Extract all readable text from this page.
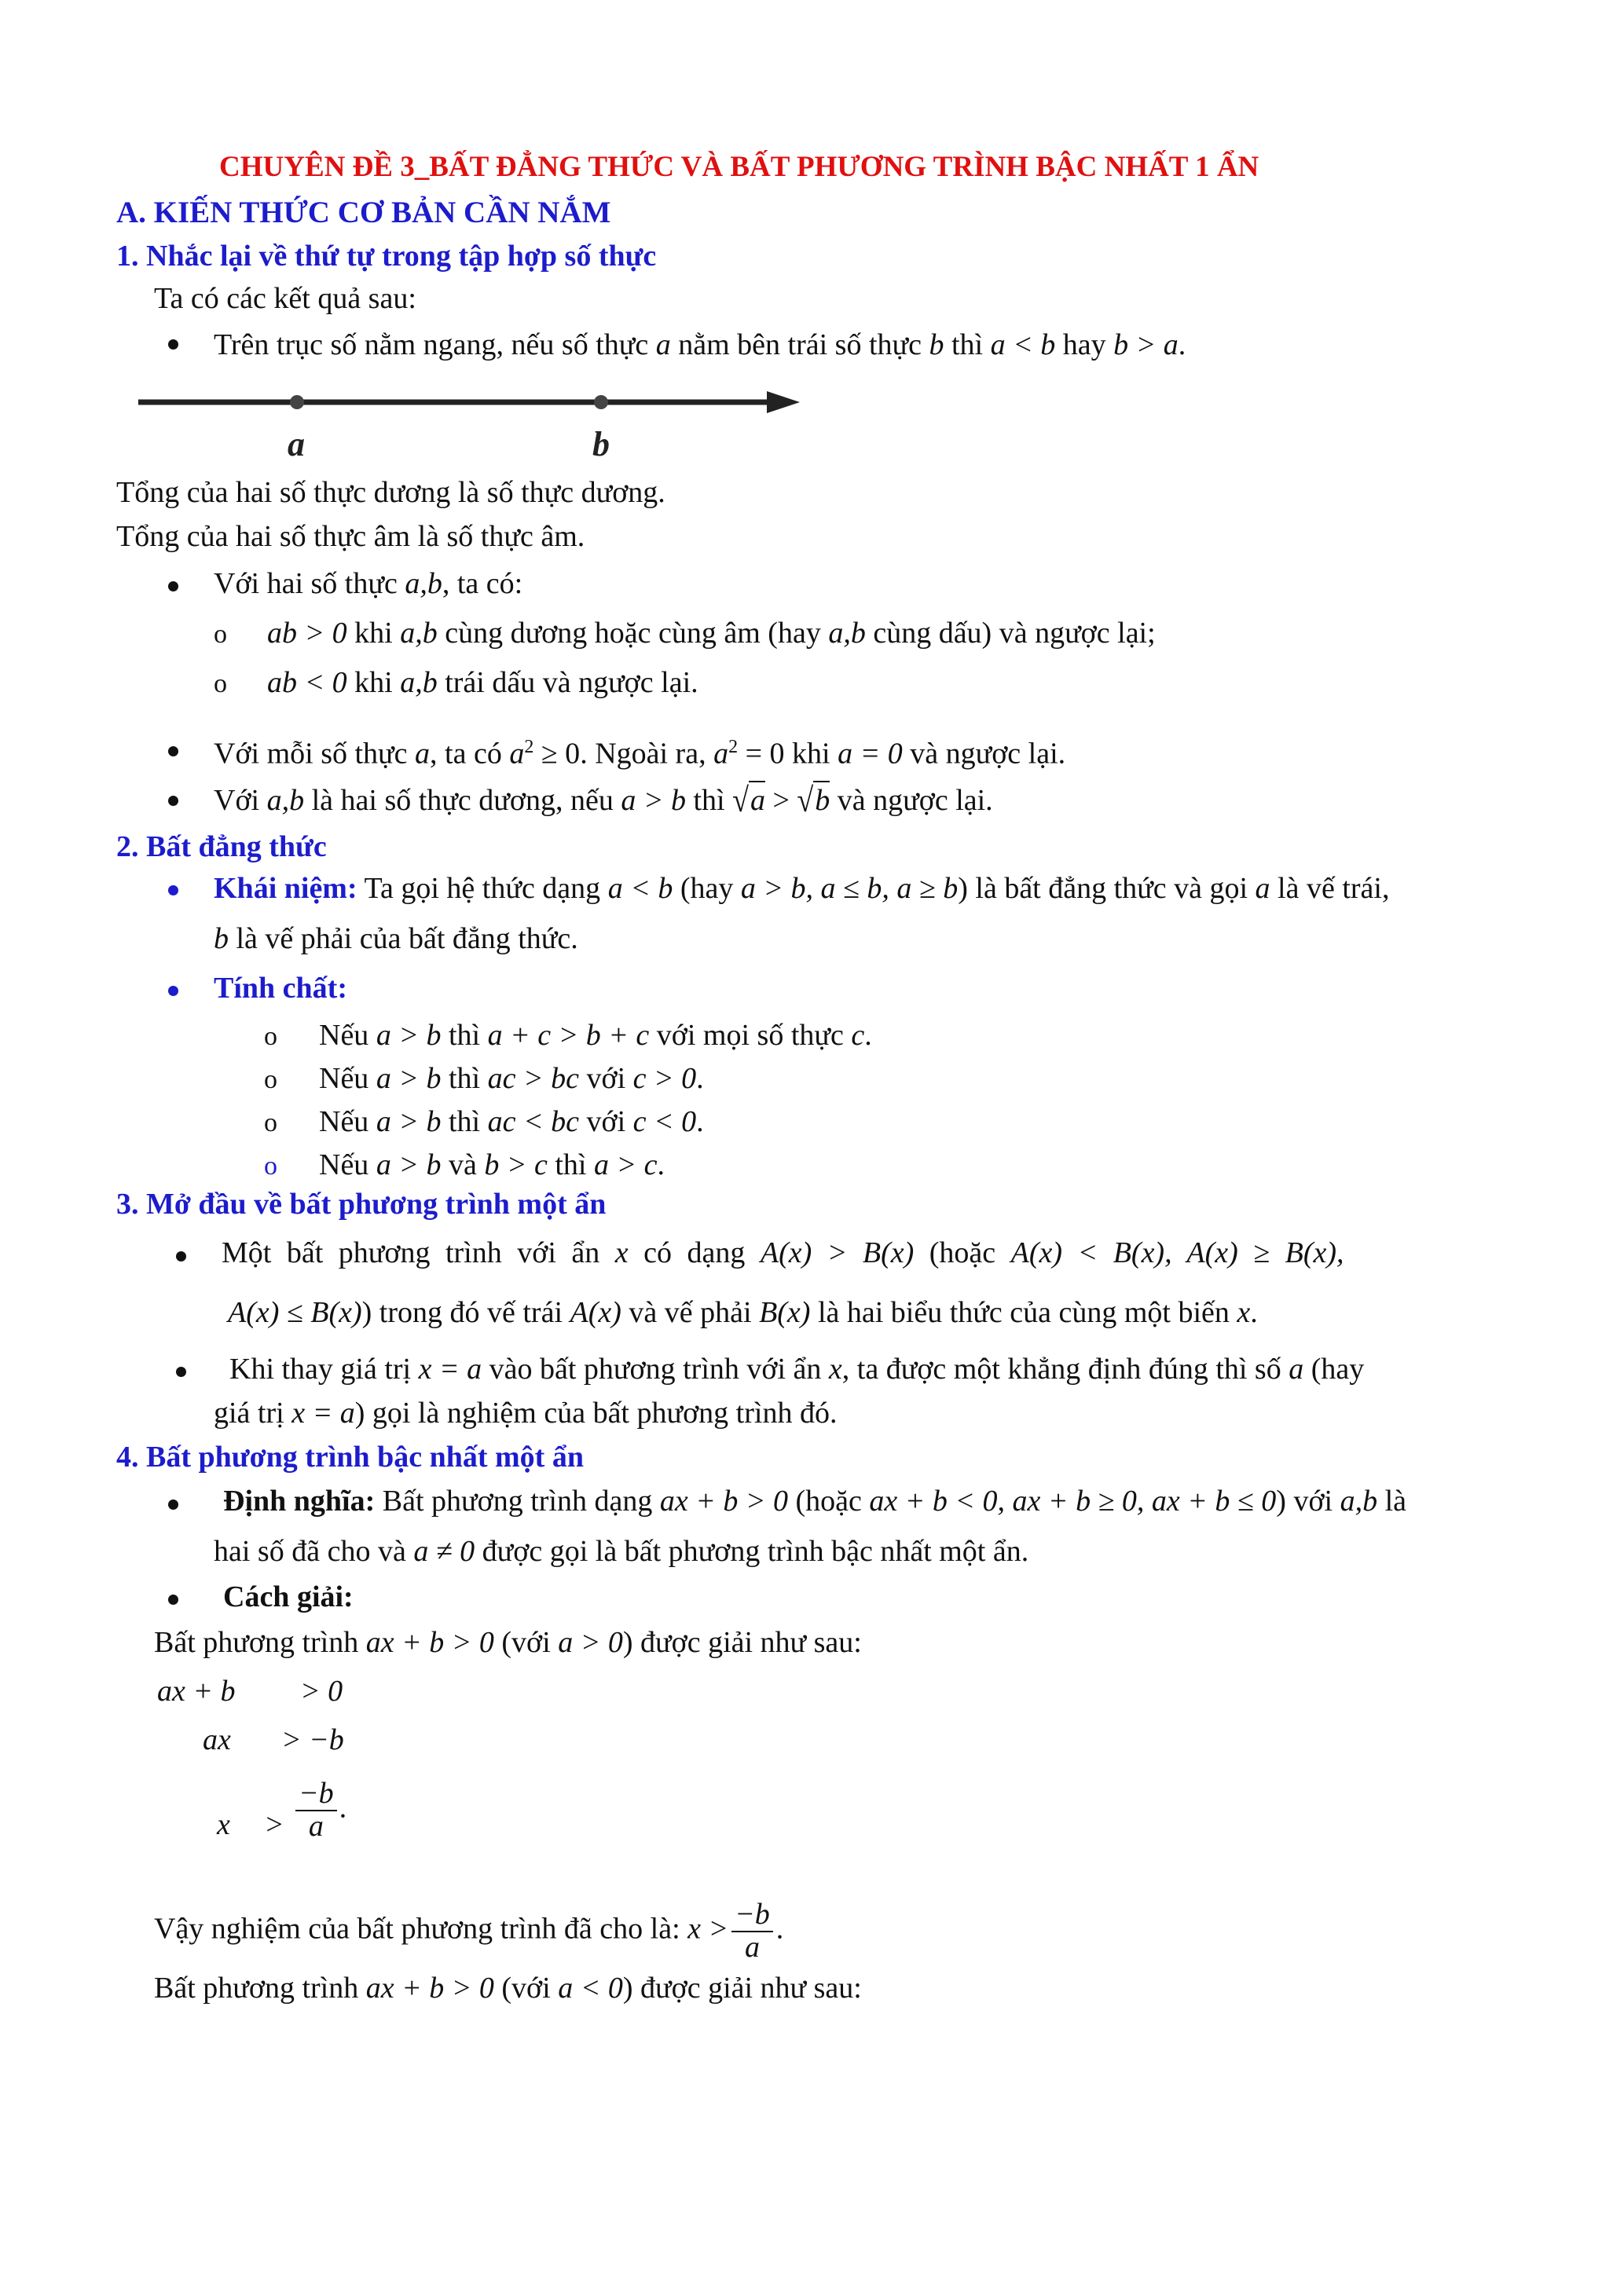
CHUYÊN ĐỀ 3_BẤT ĐẲNG THỨC VÀ BẤT PHƯƠNG TRÌNH BẬC NHẤT 1 ẨN
A. KIẾN THỨC CƠ BẢN CẦN NẮM
1. Nhắc lại về thứ tự trong tập hợp số thực
Ta có các kết quả sau:
Trên trục số nằm ngang, nếu số thực a nằm bên trái số thực b thì a < b hay b > a.
a	b
Tổng của hai số thực dương là số thực dương.
Tổng của hai số thực âm là số thực âm.
Với hai số thực a,b, ta có:
o ab > 0 khi a,b cùng dương hoặc cùng âm (hay a,b cùng dấu) và ngược lại;
o ab < 0 khi a,b trái dấu và ngược lại.
Với mỗi số thực a, ta có $a^2 \ge 0$. Ngoài ra, $a^2 = 0$ khi a = 0 và ngược lại.
Với a,b là hai số thực dương, nếu a > b thì √a > √b và ngược lại.
2. Bất đẳng thức
Khái niệm: Ta gọi hệ thức dạng a < b (hay a > b, a ≤ b, a ≥ b) là bất đẳng thức và gọi a là vế trái,
b là vế phải của bất đẳng thức.
Tính chất:
o Nếu a > b thì a + c > b + c với mọi số thực c.
o Nếu a > b thì ac > bc với c > 0.
o Nếu a > b thì ac < bc với c < 0.
o Nếu a > b và b > c thì a > c.
3. Mở đầu về bất phương trình một ẩn
Một bất phương trình với ẩn x có dạng A(x) > B(x) (hoặc A(x) < B(x), A(x) ≥ B(x),
A(x) ≤ B(x)) trong đó vế trái A(x) và vế phải B(x) là hai biểu thức của cùng một biến x.
Khi thay giá trị x = a vào bất phương trình với ẩn x, ta được một khẳng định đúng thì số a (hay
giá trị x = a) gọi là nghiệm của bất phương trình đó.
4. Bất phương trình bậc nhất một ẩn
Định nghĩa: Bất phương trình dạng ax + b > 0 (hoặc ax + b < 0, ax + b ≥ 0, ax + b ≤ 0) với a,b là
hai số đã cho và a ≠ 0 được gọi là bất phương trình bậc nhất một ẩn.
Cách giải:
Bất phương trình ax + b > 0 (với a > 0) được giải như sau:
ax + b > 0
ax > −b
$x > \frac{-b}{a}$ .
Vậy nghiệm của bất phương trình đã cho là: $x > \frac{-b}{a}$ .
Bất phương trình ax + b > 0 (với a < 0) được giải như sau:
